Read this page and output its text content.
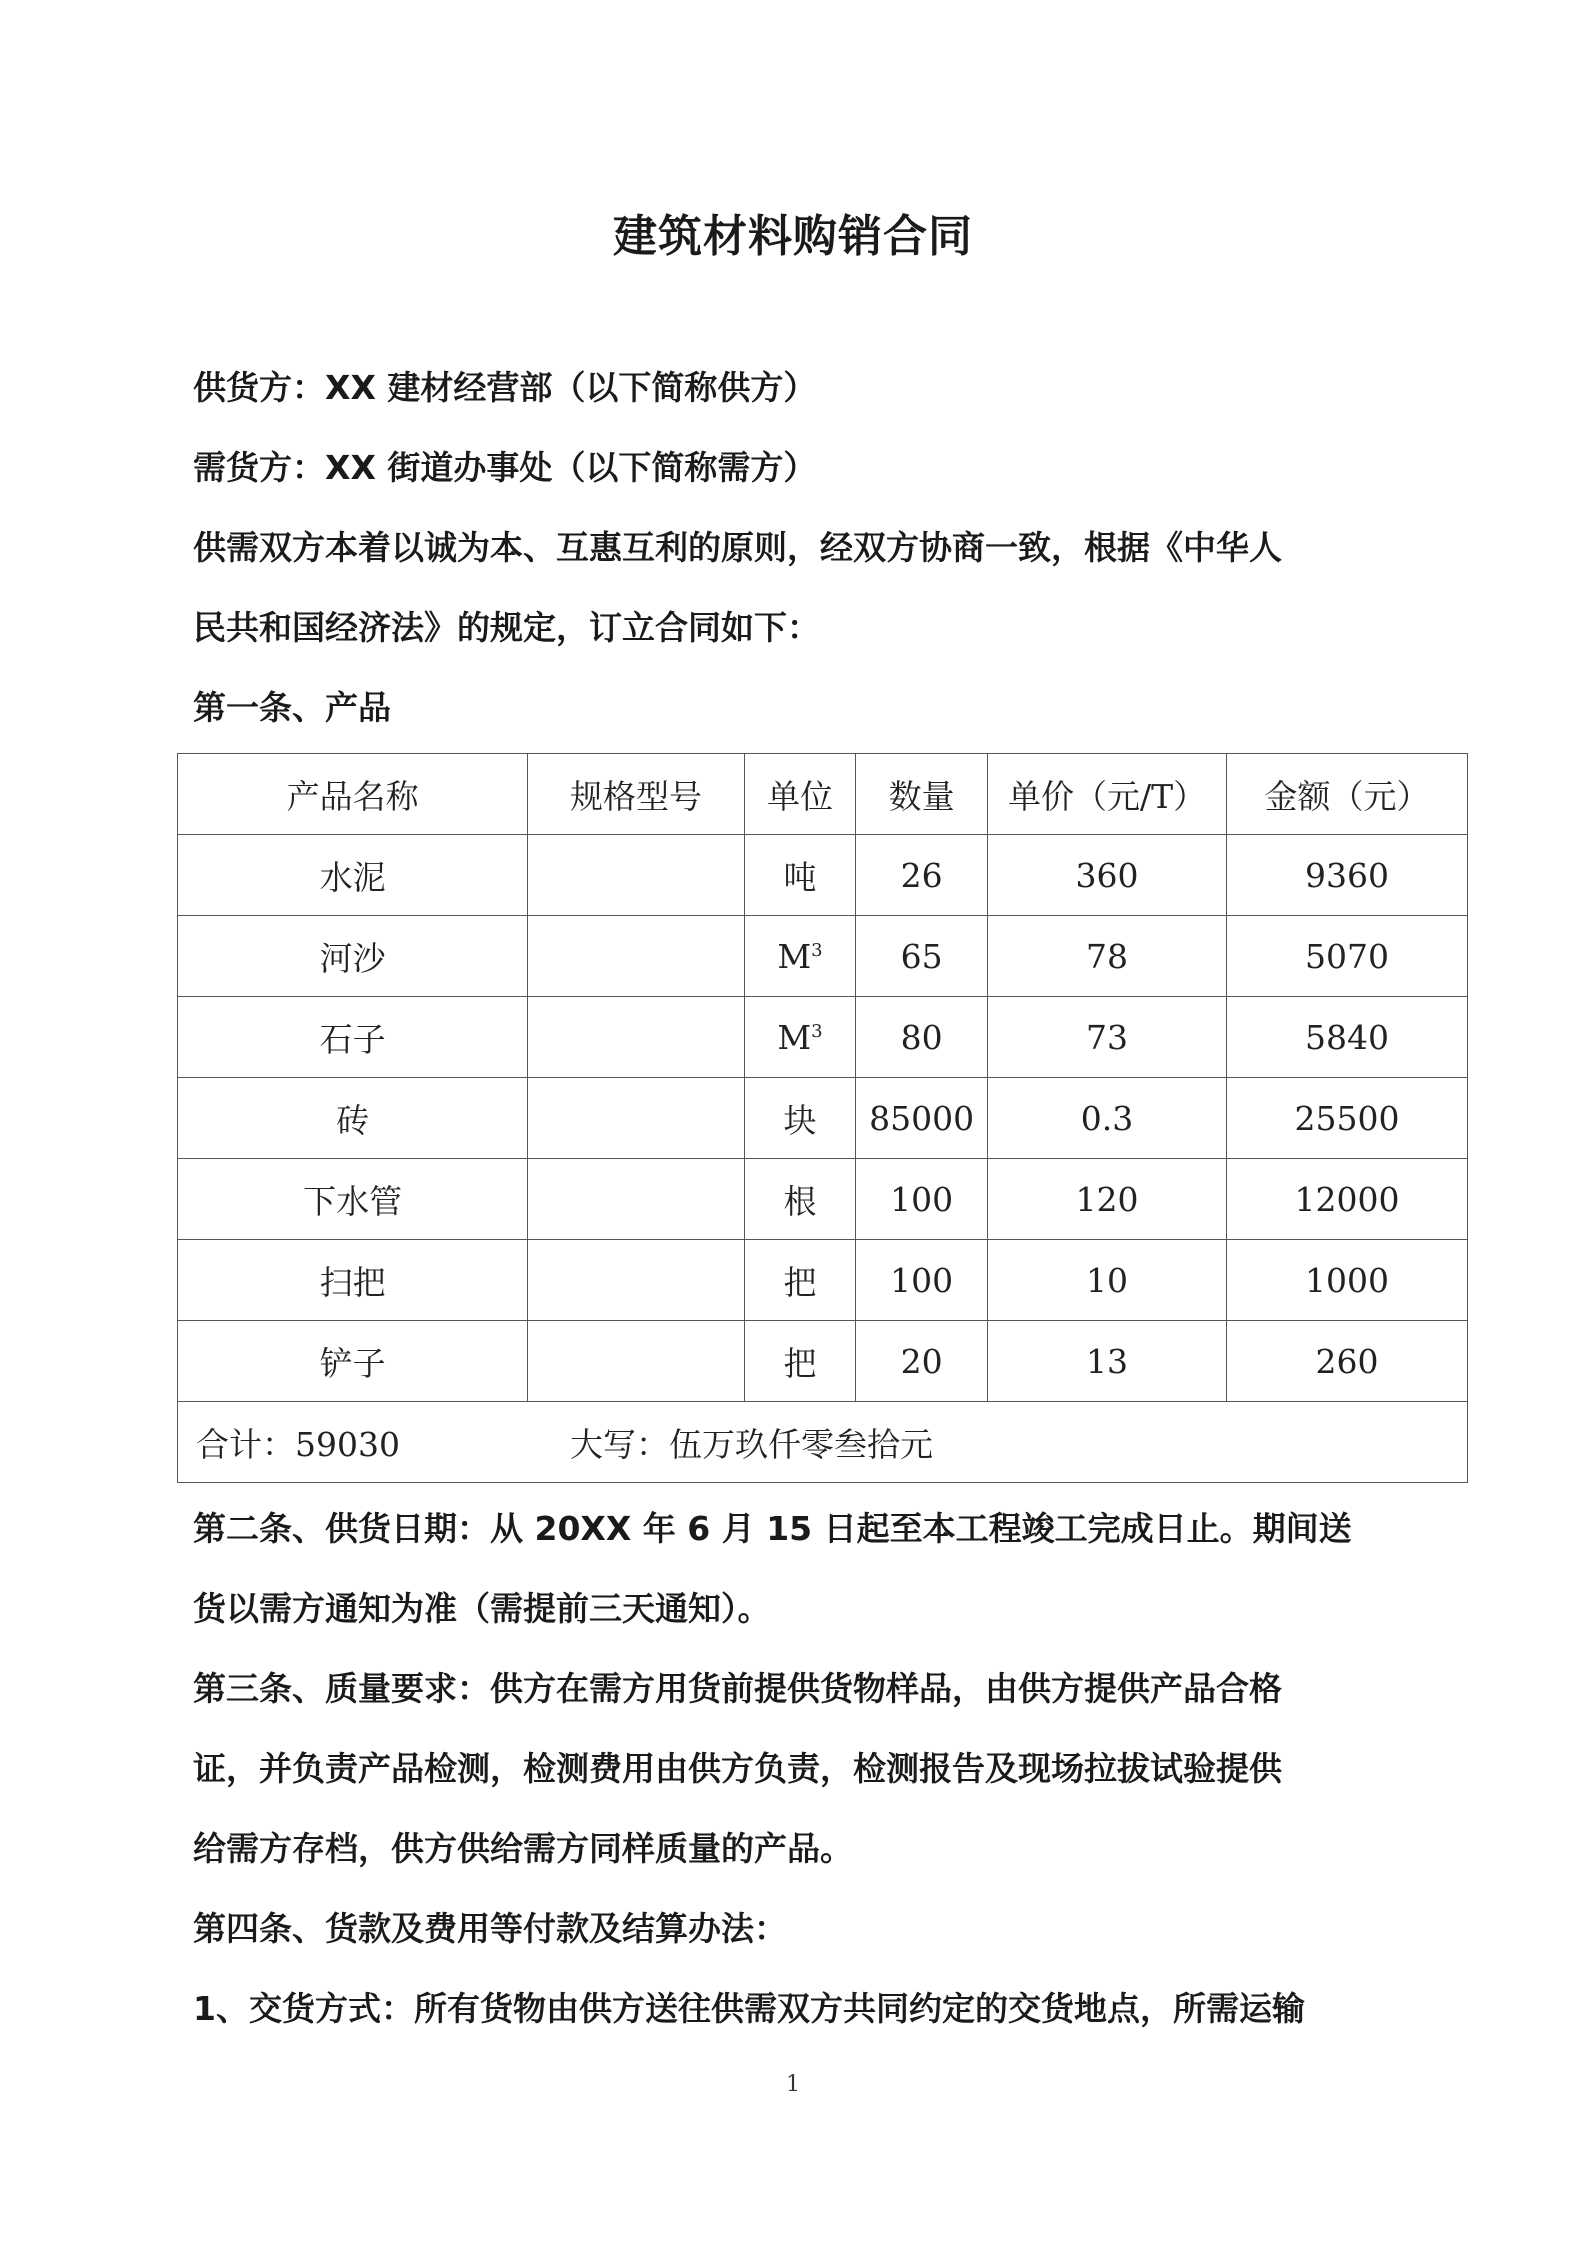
建筑材料购销合同
供货方：XX 建材经营部（以下简称供方）
需货方：XX 街道办事处（以下简称需方）
供需双方本着以诚为本、互惠互利的原则，经双方协商一致，根据《中华人
民共和国经济法》的规定，订立合同如下：
第一条、产品
产品名称	规格型号	单位	数量	单价（元/T）	金额（元）
水泥		吨	26	360	9360
河沙		$M^3$	65	78	5070
石子		$M^3$	80	73	5840
砖		块	85000	0.3	25500
下水管		根	100	120	12000
扫把		把	100	10	1000
铲子		把	20	13	260
合计：59030 大写：伍万玖仟零叁拾元					
第二条、供货日期：从 20XX 年 6 月 15 日起至本工程竣工完成日止。期间送
货以需方通知为准（需提前三天通知）。
第三条、质量要求：供方在需方用货前提供货物样品，由供方提供产品合格
证，并负责产品检测，检测费用由供方负责，检测报告及现场拉拔试验提供
给需方存档，供方供给需方同样质量的产品。
第四条、货款及费用等付款及结算办法：
1、交货方式：所有货物由供方送往供需双方共同约定的交货地点，所需运输
1
